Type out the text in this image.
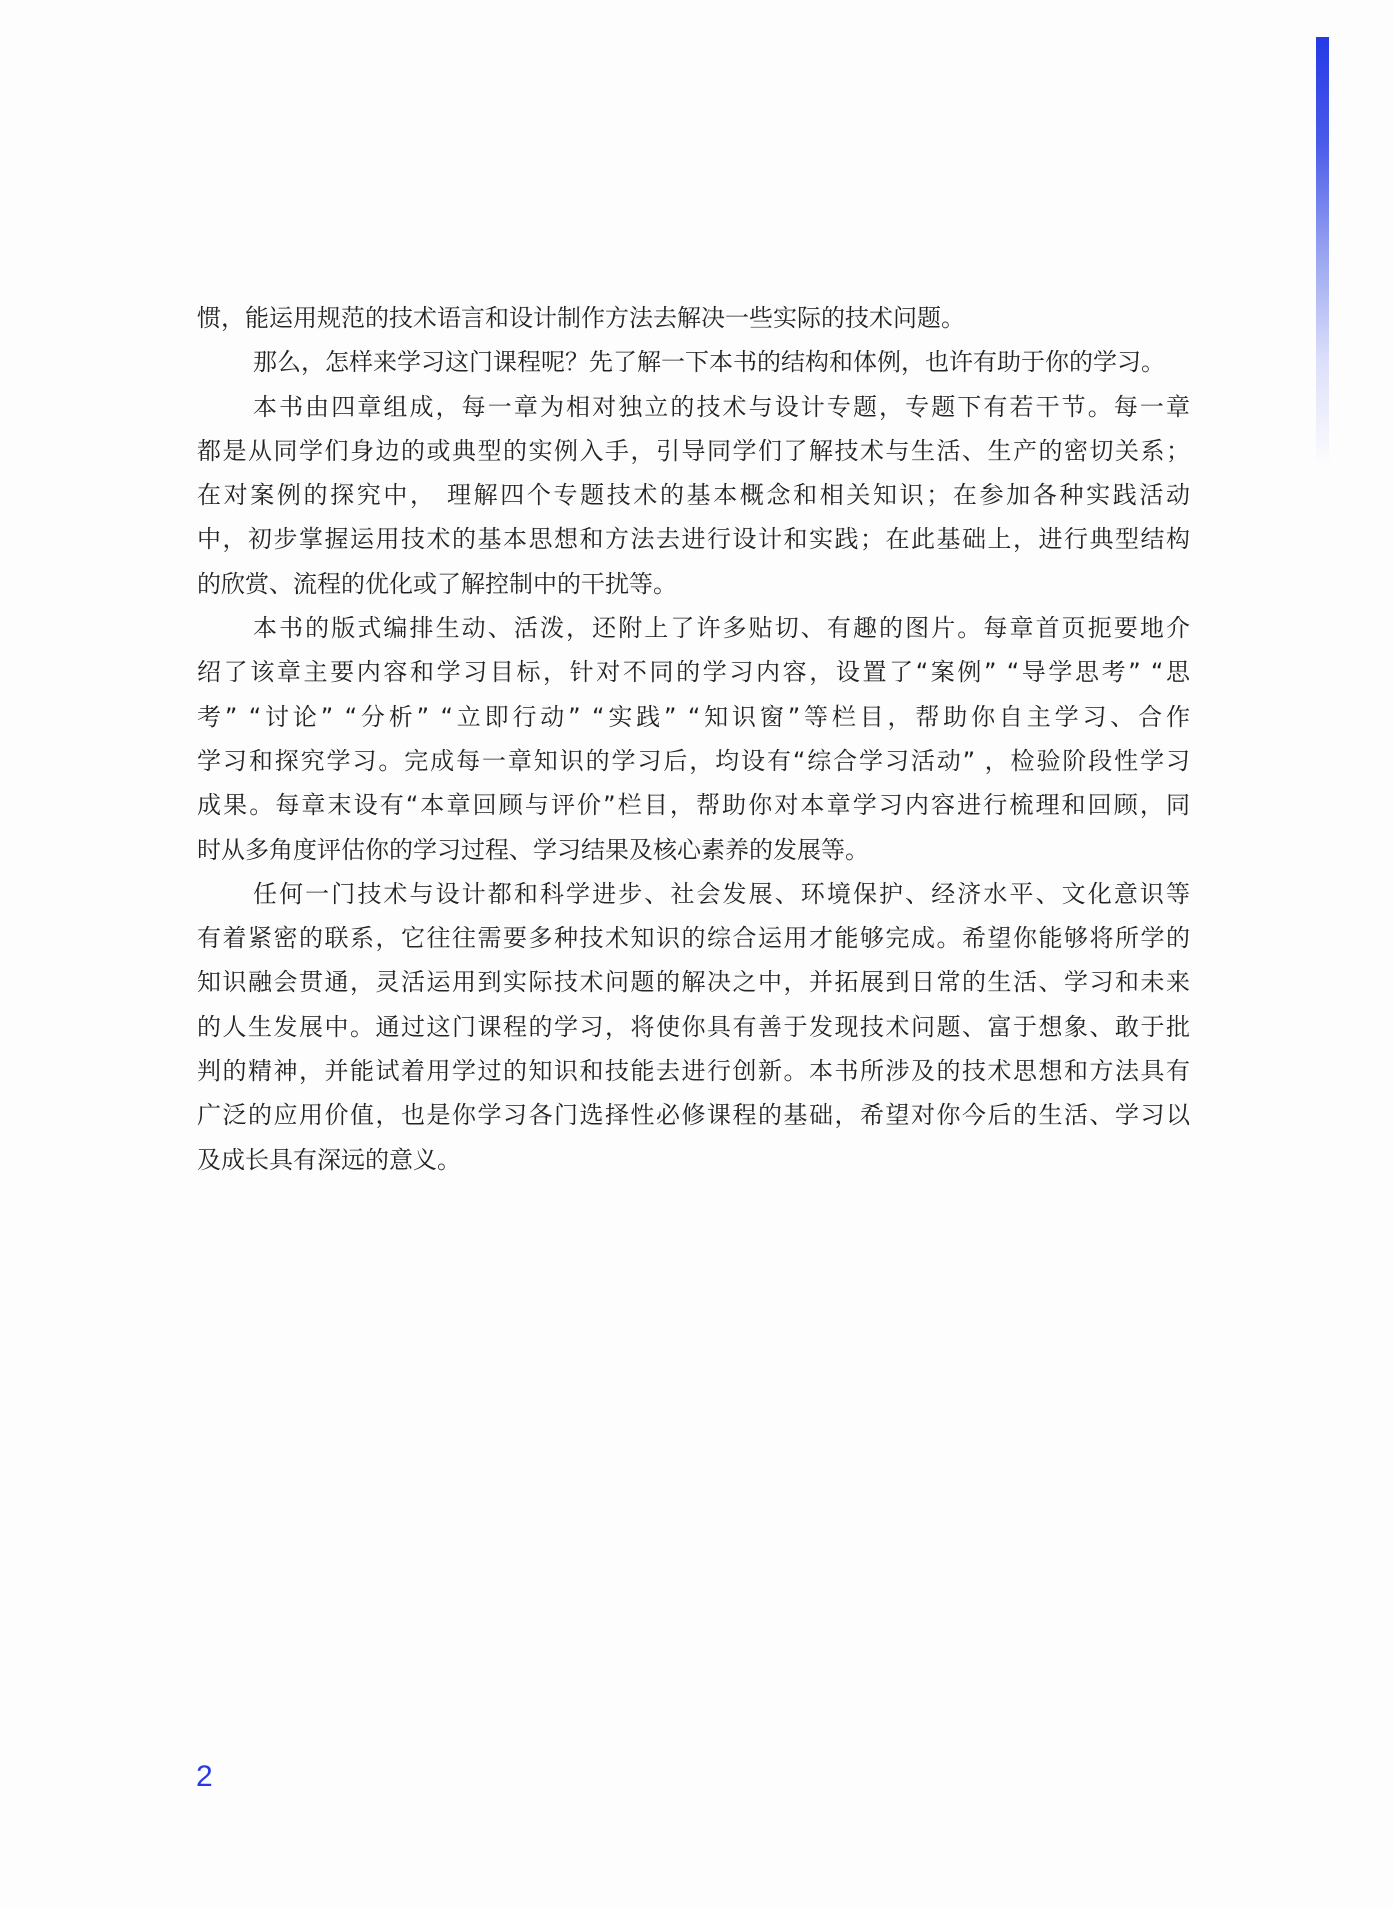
惯，能运用规范的技术语言和设计制作方法去解决一些实际的技术问题。
那么，怎样来学习这门课程呢？先了解一下本书的结构和体例，也许有助于你的学习。
本书由四章组成，每一章为相对独立的技术与设计专题，专题下有若干节。每一章
都是从同学们身边的或典型的实例入手，引导同学们了解技术与生活、生产的密切关系；
在对案例的探究中， 理解四个专题技术的基本概念和相关知识；在参加各种实践活动
中，初步掌握运用技术的基本思想和方法去进行设计和实践；在此基础上，进行典型结构
的欣赏、流程的优化或了解控制中的干扰等。
本书的版式编排生动、活泼，还附上了许多贴切、有趣的图片。每章首页扼要地介
绍了该章主要内容和学习目标，针对不同的学习内容，设置了“案例” “导学思考” “思
考” “讨论” “分析” “立即行动” “实践” “知识窗”等栏目，帮助你自主学习、合作
学习和探究学习。完成每一章知识的学习后，均设有“综合学习活动” ，检验阶段性学习
成果。每章末设有“本章回顾与评价”栏目，帮助你对本章学习内容进行梳理和回顾，同
时从多角度评估你的学习过程、学习结果及核心素养的发展等。
任何一门技术与设计都和科学进步、社会发展、环境保护、经济水平、文化意识等
有着紧密的联系，它往往需要多种技术知识的综合运用才能够完成。希望你能够将所学的
知识融会贯通，灵活运用到实际技术问题的解决之中，并拓展到日常的生活、学习和未来
的人生发展中。通过这门课程的学习，将使你具有善于发现技术问题、富于想象、敢于批
判的精神，并能试着用学过的知识和技能去进行创新。本书所涉及的技术思想和方法具有
广泛的应用价值，也是你学习各门选择性必修课程的基础，希望对你今后的生活、学习以
及成长具有深远的意义。
2
